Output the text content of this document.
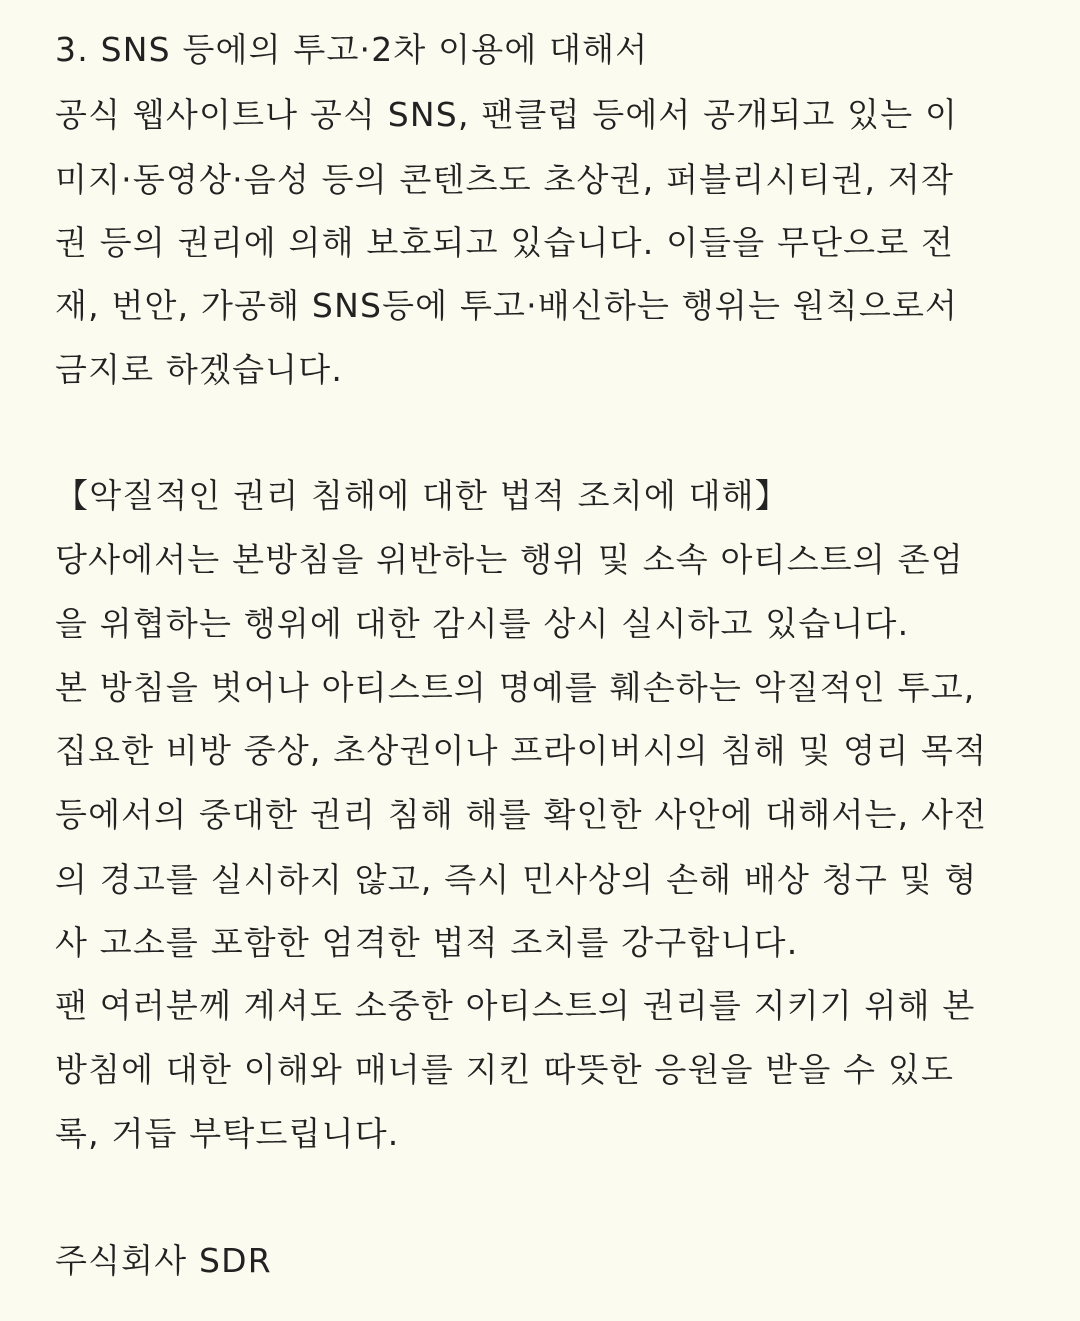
3. SNS 등에의 투고·2차 이용에 대해서
공식 웹사이트나 공식 SNS, 팬클럽 등에서 공개되고 있는 이
미지·동영상·음성 등의 콘텐츠도 초상권, 퍼블리시티권, 저작
권 등의 권리에 의해 보호되고 있습니다. 이들을 무단으로 전
재, 번안, 가공해 SNS등에 투고·배신하는 행위는 원칙으로서
금지로 하겠습니다.
【악질적인 권리 침해에 대한 법적 조치에 대해】
당사에서는 본방침을 위반하는 행위 및 소속 아티스트의 존엄
을 위협하는 행위에 대한 감시를 상시 실시하고 있습니다.
본 방침을 벗어나 아티스트의 명예를 훼손하는 악질적인 투고,
집요한 비방 중상, 초상권이나 프라이버시의 침해 및 영리 목적
등에서의 중대한 권리 침해 해를 확인한 사안에 대해서는, 사전
의 경고를 실시하지 않고, 즉시 민사상의 손해 배상 청구 및 형
사 고소를 포함한 엄격한 법적 조치를 강구합니다.
팬 여러분께 계셔도 소중한 아티스트의 권리를 지키기 위해 본
방침에 대한 이해와 매너를 지킨 따뜻한 응원을 받을 수 있도
록, 거듭 부탁드립니다.
주식회사 SDR
